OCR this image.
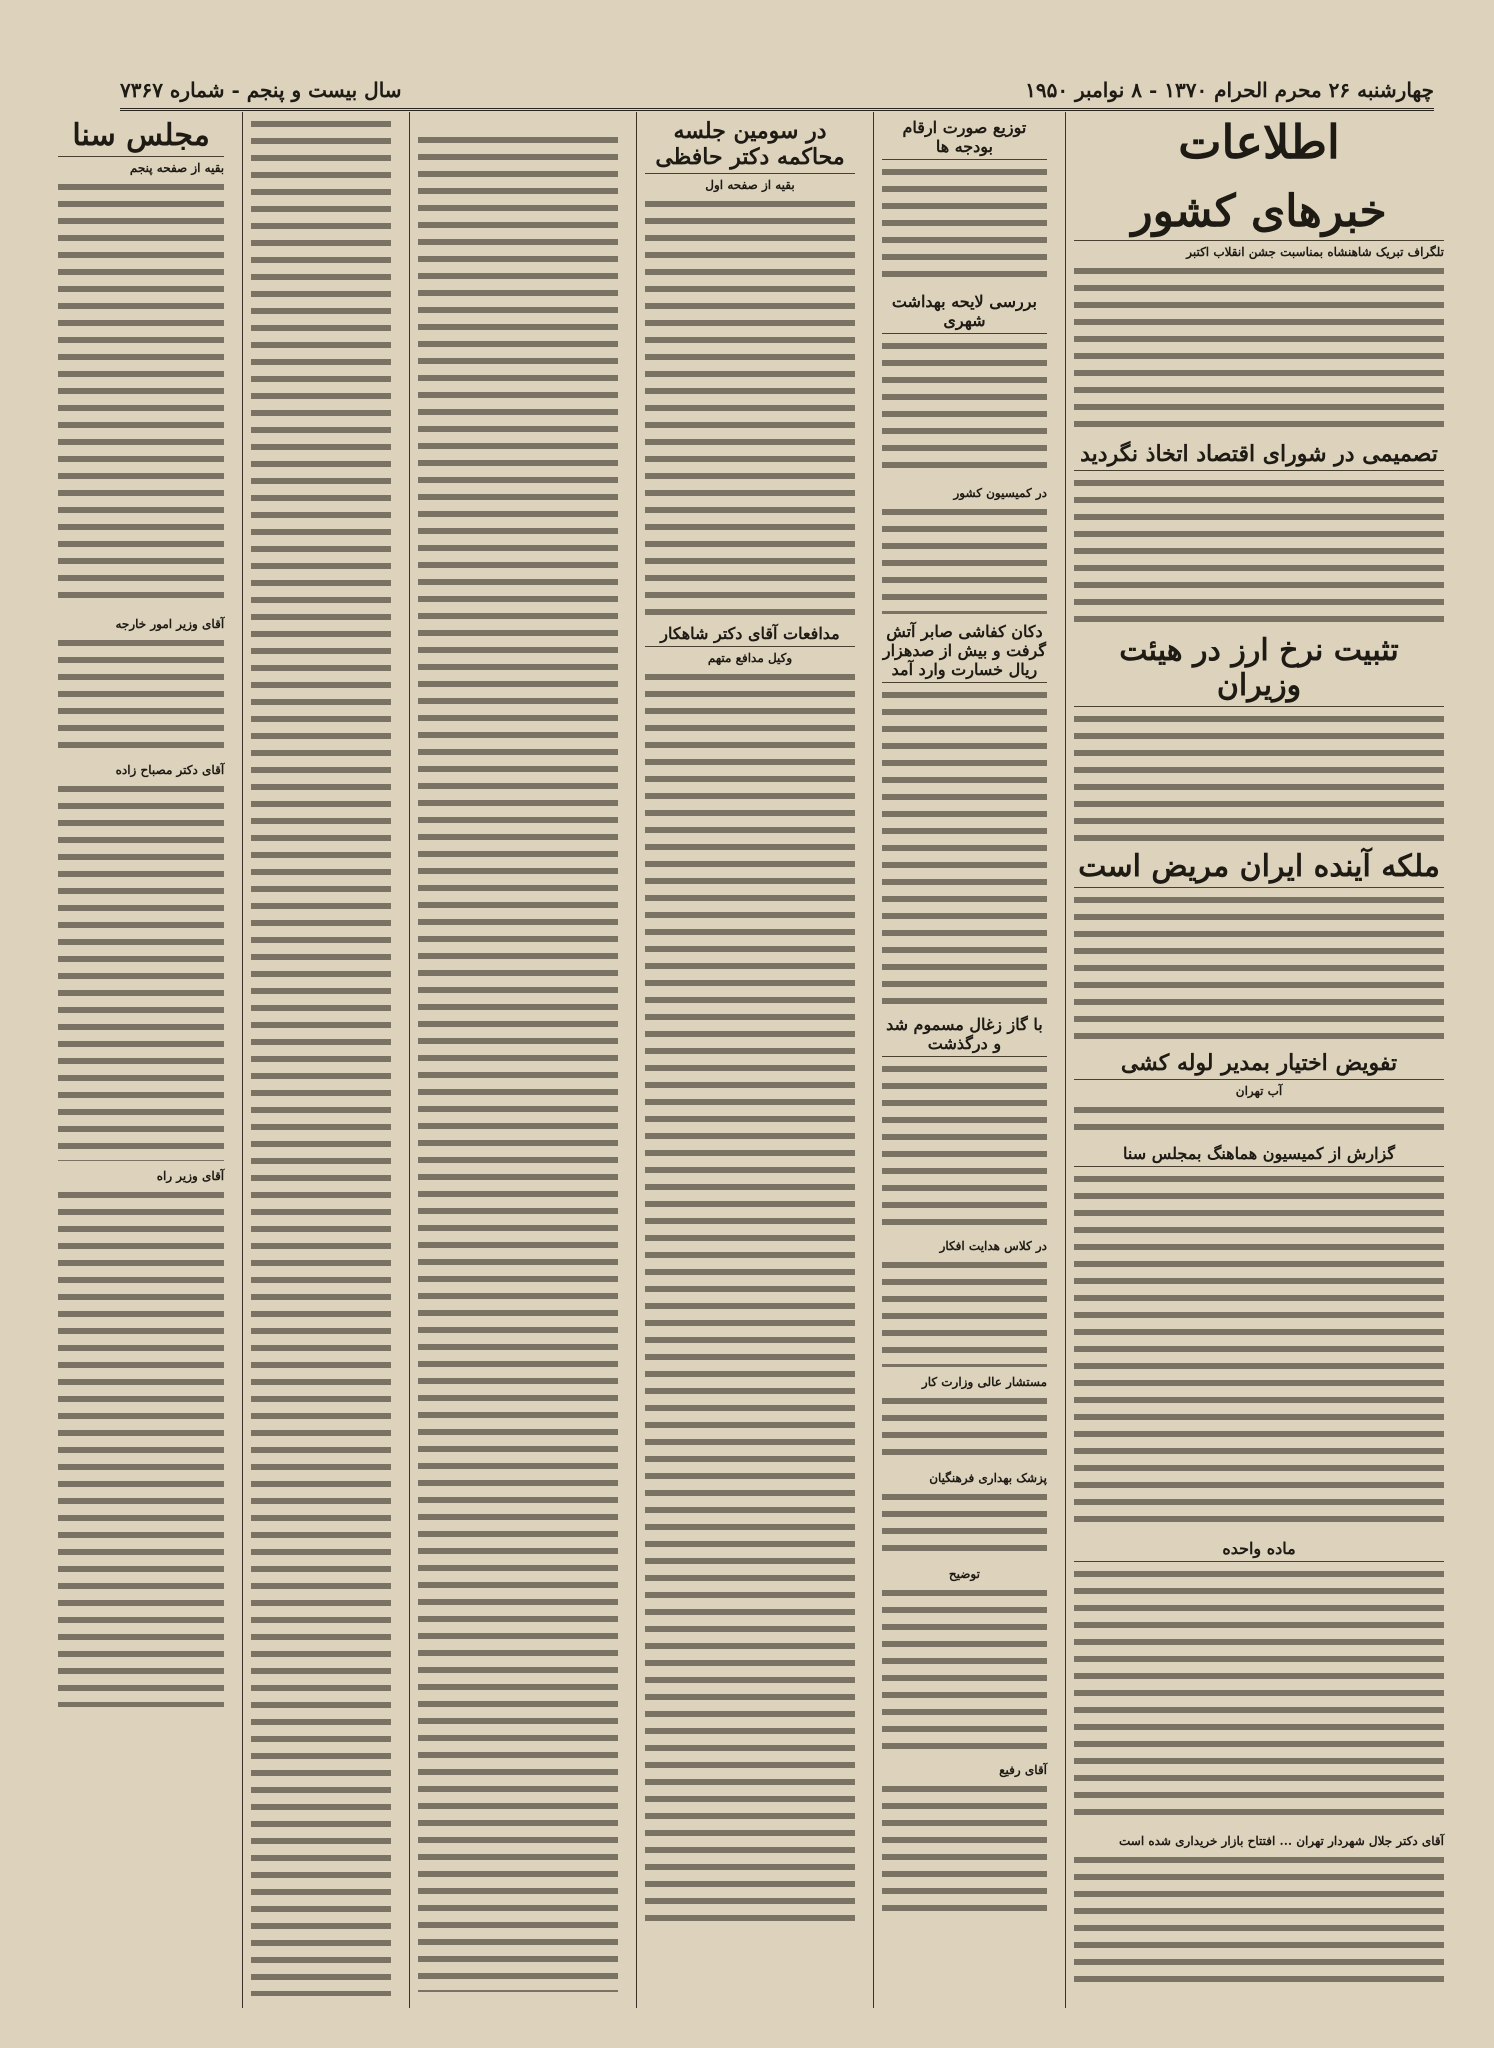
چهارشنبه ۲۶ محرم الحرام ۱۳۷۰ - ۸ نوامبر ۱۹۵۰
سال بیست و پنجم - شماره ۷۳۶۷
اطلاعات
خبرهای کشور
تلگراف تبریک شاهنشاه بمناسبت جشن انقلاب اکتبر
تصمیمی در شورای اقتصاد اتخاذ نگردید
تثبیت نرخ ارز در هیئت وزیران
ملکه آینده ایران مریض است
تفویض اختیار بمدیر لوله کشی
آب تهران
گزارش از کمیسیون هماهنگ بمجلس سنا
ماده واحده
آقای دکتر جلال شهردار تهران ... افتتاح بازار خریداری شده است
توزیع صورت ارقام بودجه ها
بررسی لایحه بهداشت شهری
در کمیسیون کشور
دکان کفاشی صابر آتش گرفت و بیش از صدهزار ریال خسارت وارد آمد
با گاز زغال مسموم شد و درگذشت
در کلاس هدایت افکار
مستشار عالی وزارت کار
پزشک بهداری فرهنگیان
توضیح
آقای رفیع
در سومین جلسه محاکمه دکتر حافظی
بقیه از صفحه اول
مدافعات آقای دکتر شاهکار
وکیل مدافع متهم
مجلس سنا
بقیه از صفحه پنجم
آقای وزیر امور خارجه
آقای دکتر مصباح زاده
آقای وزیر راه
